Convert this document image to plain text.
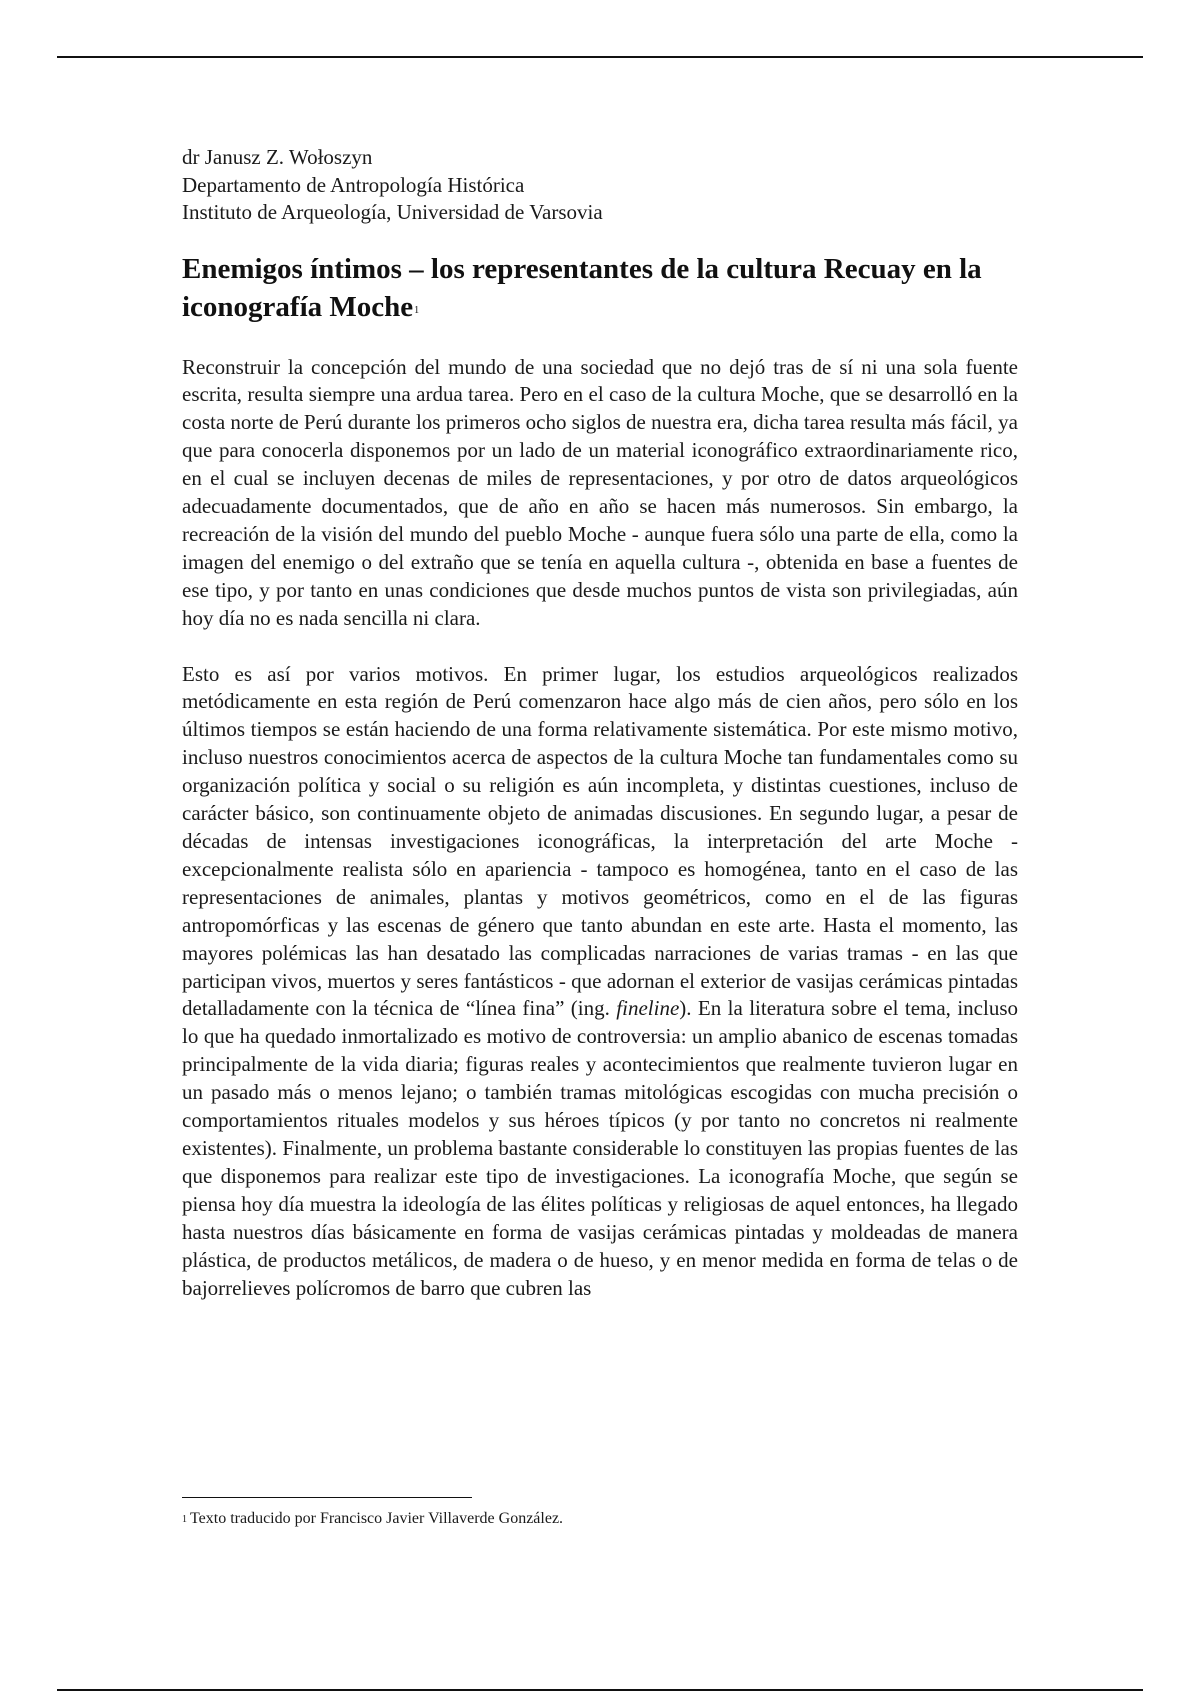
dr Janusz Z. Wołoszyn
Departamento de Antropología Histórica
Instituto de Arqueología, Universidad de Varsovia
Enemigos íntimos – los representantes de la cultura Recuay en la iconografía Moche$^1$

Reconstruir la concepción del mundo de una sociedad que no dejó tras de sí ni una sola fuente escrita, resulta siempre una ardua tarea. Pero en el caso de la cultura Moche, que se desarrolló en la costa norte de Perú durante los primeros ocho siglos de nuestra era, dicha tarea resulta más fácil, ya que para conocerla disponemos por un lado de un material iconográfico extraordinariamente rico, en el cual se incluyen decenas de miles de representaciones, y por otro de datos arqueológicos adecuadamente documentados, que de año en año se hacen más numerosos. Sin embargo, la recreación de la visión del mundo del pueblo Moche - aunque fuera sólo una parte de ella, como la imagen del enemigo o del extraño que se tenía en aquella cultura -, obtenida en base a fuentes de ese tipo, y por tanto en unas condiciones que desde muchos puntos de vista son privilegiadas, aún hoy día no es nada sencilla ni clara.

Esto es así por varios motivos. En primer lugar, los estudios arqueológicos realizados metódicamente en esta región de Perú comenzaron hace algo más de cien años, pero sólo en los últimos tiempos se están haciendo de una forma relativamente sistemática. Por este mismo motivo, incluso nuestros conocimientos acerca de aspectos de la cultura Moche tan fundamentales como su organización política y social o su religión es aún incompleta, y distintas cuestiones, incluso de carácter básico, son continuamente objeto de animadas discusiones. En segundo lugar, a pesar de décadas de intensas investigaciones iconográficas, la interpretación del arte Moche - excepcionalmente realista sólo en apariencia - tampoco es homogénea, tanto en el caso de las representaciones de animales, plantas y motivos geométricos, como en el de las figuras antropomórficas y las escenas de género que tanto abundan en este arte. Hasta el momento, las mayores polémicas las han desatado las complicadas narraciones de varias tramas - en las que participan vivos, muertos y seres fantásticos - que adornan el exterior de vasijas cerámicas pintadas detalladamente con la técnica de “línea fina” (ing. fineline). En la literatura sobre el tema, incluso lo que ha quedado inmortalizado es motivo de controversia: un amplio abanico de escenas tomadas principalmente de la vida diaria; figuras reales y acontecimientos que realmente tuvieron lugar en un pasado más o menos lejano; o también tramas mitológicas escogidas con mucha precisión o comportamientos rituales modelos y sus héroes típicos (y por tanto no concretos ni realmente existentes). Finalmente, un problema bastante considerable lo constituyen las propias fuentes de las que disponemos para realizar este tipo de investigaciones. La iconografía Moche, que según se piensa hoy día muestra la ideología de las élites políticas y religiosas de aquel entonces, ha llegado hasta nuestros días básicamente en forma de vasijas cerámicas pintadas y moldeadas de manera plástica, de productos metálicos, de madera o de hueso, y en menor medida en forma de telas o de bajorrelieves polícromos de barro que cubren las

$^1$ Texto traducido por Francisco Javier Villaverde González.
